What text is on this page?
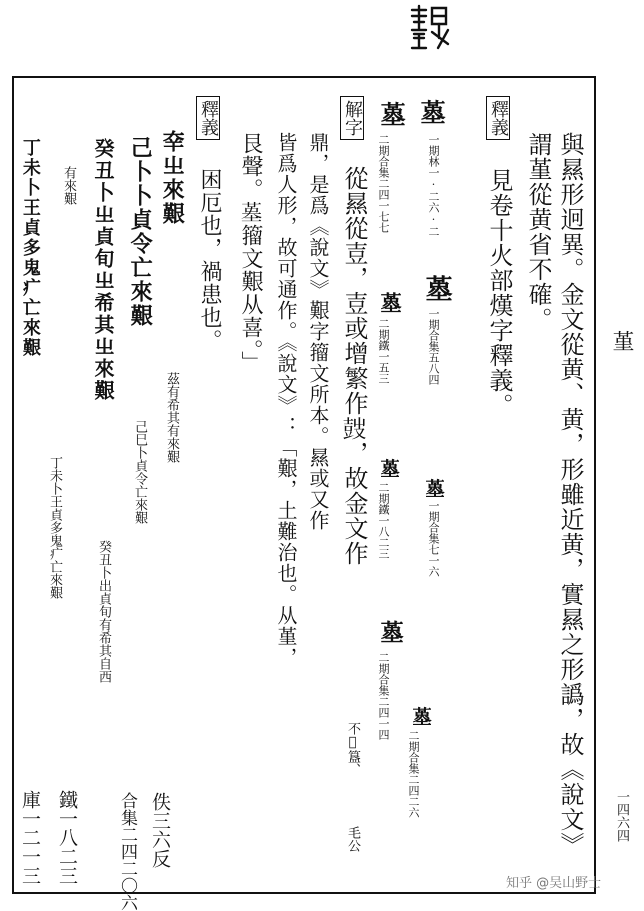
堇
一四六四
與㬎形迥異。金文從黄、黄，形雖近黄，實㬎之形譌，故《說文》
謂堇從黄省不確。
釋義
見卷十火部熯字釋義。
𡏳
一期林一·二六·二
𡏳
二期合集二四一七七
𡏳
一期合集五八四
𡏳
二期鐵一五三
𡏳
二期鐵一八二三 𡏳
一期合集七一六
𡏳
二期合集二四一四 𡏳
二期合集二四二六
解字
從㬎從壴，壴或增繁作𡔷，故金文作
不𡦹簋、
毛公
鼎，是爲《說文》艱字籀文所本。㬎或又作
皆爲人形，故可通作。《說文》：「艱，土難治也。从堇，
艮聲。𡎸籀文艱从喜。」
釋義
困厄也，禍患也。
㚔㞢來艱
茲有希其有來艱
己卜卜貞令亡來艱
己巳卜貞令亡來艱
佚三六反
癸丑卜㞢貞旬㞢希其㞢來艱
癸丑卜出貞旬有希其自西
合集二四二〇六
有來艱
丁未卜王貞多鬼疒亡來艱
丁未卜王貞多鬼疒亡來艱
鐵一八二三
庫一二一三	知乎 @吴山野士
